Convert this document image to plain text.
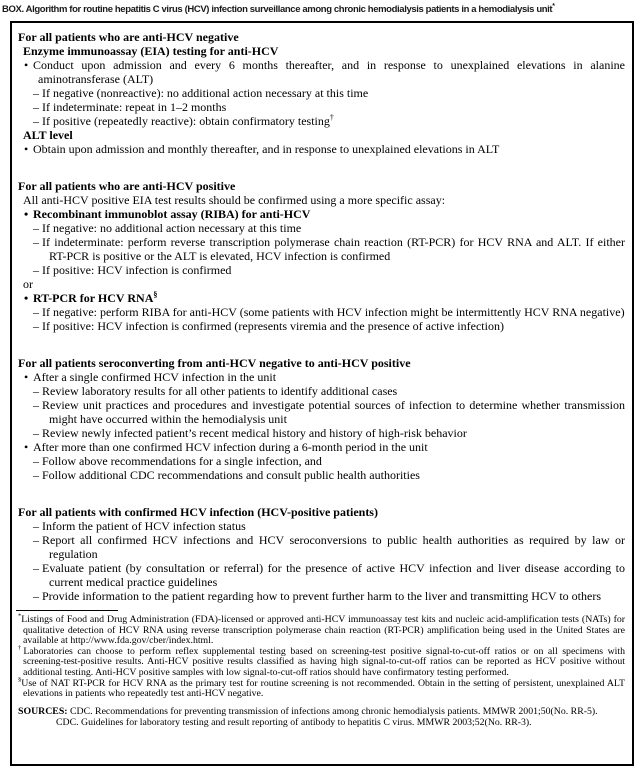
BOX. Algorithm for routine hepatitis C virus (HCV) infection surveillance among chronic hemodialysis patients in a hemodialysis unit*
For all patients who are anti-HCV negative
Enzyme immunoassay (EIA) testing for anti-HCV
• Conduct upon admission and every 6 months thereafter, and in response to unexplained elevations in alanine aminotransferase (ALT)
– If negative (nonreactive): no additional action necessary at this time
– If indeterminate: repeat in 1–2 months
– If positive (repeatedly reactive): obtain confirmatory testing†
ALT level
• Obtain upon admission and monthly thereafter, and in response to unexplained elevations in ALT
For all patients who are anti-HCV positive
All anti-HCV positive EIA test results should be confirmed using a more specific assay:
• Recombinant immunoblot assay (RIBA) for anti-HCV
– If negative: no additional action necessary at this time
– If indeterminate: perform reverse transcription polymerase chain reaction (RT-PCR) for HCV RNA and ALT. If either RT-PCR is positive or the ALT is elevated, HCV infection is confirmed
– If positive: HCV infection is confirmed
or
• RT-PCR for HCV RNA§
– If negative: perform RIBA for anti-HCV (some patients with HCV infection might be intermittently HCV RNA negative)
– If positive: HCV infection is confirmed (represents viremia and the presence of active infection)
For all patients seroconverting from anti-HCV negative to anti-HCV positive
• After a single confirmed HCV infection in the unit
– Review laboratory results for all other patients to identify additional cases
– Review unit practices and procedures and investigate potential sources of infection to determine whether transmission might have occurred within the hemodialysis unit
– Review newly infected patient’s recent medical history and history of high-risk behavior
• After more than one confirmed HCV infection during a 6-month period in the unit
– Follow above recommendations for a single infection, and
– Follow additional CDC recommendations and consult public health authorities
For all patients with confirmed HCV infection (HCV-positive patients)
– Inform the patient of HCV infection status
– Report all confirmed HCV infections and HCV seroconversions to public health authorities as required by law or regulation
– Evaluate patient (by consultation or referral) for the presence of active HCV infection and liver disease according to current medical practice guidelines
– Provide information to the patient regarding how to prevent further harm to the liver and transmitting HCV to others
*Listings of Food and Drug Administration (FDA)-licensed or approved anti-HCV immunoassay test kits and nucleic acid-amplification tests (NATs) for qualitative detection of HCV RNA using reverse transcription polymerase chain reaction (RT-PCR) amplification being used in the United States are available at http://www.fda.gov/cber/index.html.
†Laboratories can choose to perform reflex supplemental testing based on screening-test positive signal-to-cut-off ratios or on all specimens with screening-test-positive results. Anti-HCV positive results classified as having high signal-to-cut-off ratios can be reported as HCV positive without additional testing. Anti-HCV positive samples with low signal-to-cut-off ratios should have confirmatory testing performed.
§Use of NAT RT-PCR for HCV RNA as the primary test for routine screening is not recommended. Obtain in the setting of persistent, unexplained ALT elevations in patients who repeatedly test anti-HCV negative.
SOURCES: CDC. Recommendations for preventing transmission of infections among chronic hemodialysis patients. MMWR 2001;50(No. RR-5).
CDC. Guidelines for laboratory testing and result reporting of antibody to hepatitis C virus. MMWR 2003;52(No. RR-3).
